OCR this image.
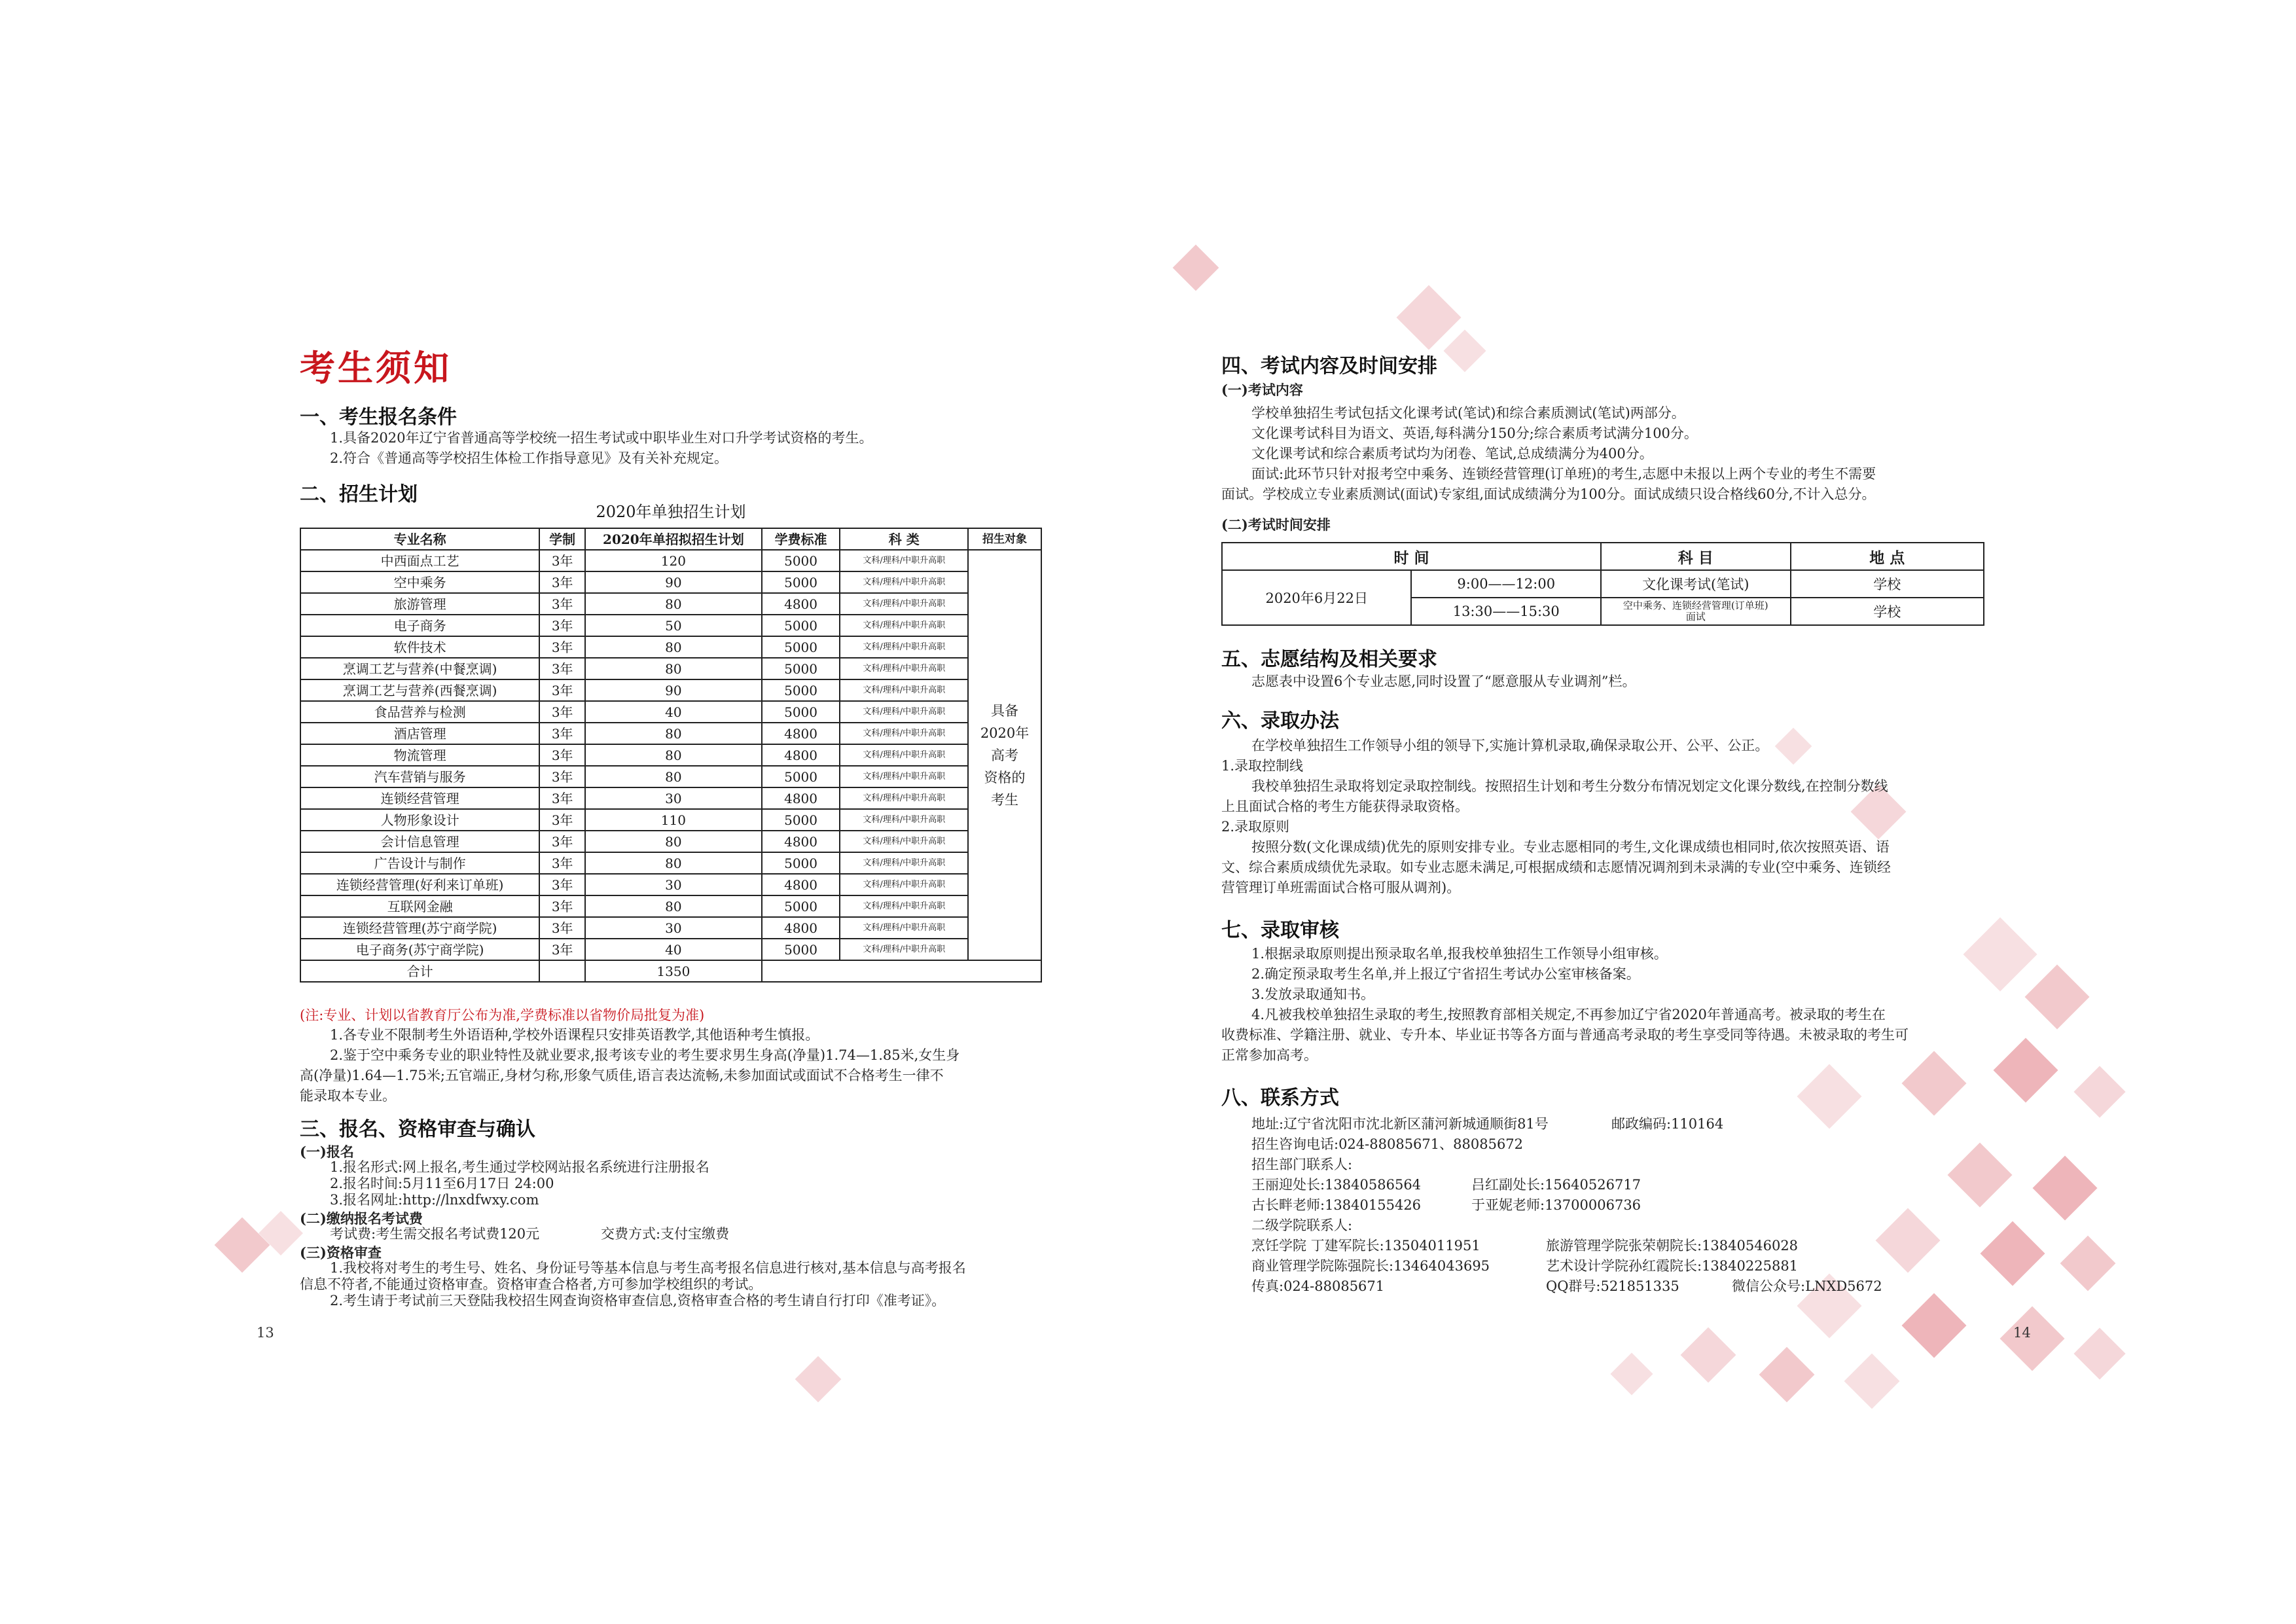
考生须知
一、考生报名条件
1.具备2020年辽宁省普通高等学校统一招生考试或中职毕业生对口升学考试资格的考生。
2.符合《普通高等学校招生体检工作指导意见》及有关补充规定。
二、招生计划
2020年单独招生计划
专业名称	学制	2020年单招拟招生计划	学费标准	科 类	招生对象
中西面点工艺	3年	120	5000	文科/理科/中职升高职	具备
2020年
高考
资格的
考生

空中乘务	3年	90	5000	文科/理科/中职升高职	
旅游管理	3年	80	4800	文科/理科/中职升高职	
电子商务	3年	50	5000	文科/理科/中职升高职	
软件技术	3年	80	5000	文科/理科/中职升高职	
烹调工艺与营养(中餐烹调)	3年	80	5000	文科/理科/中职升高职	
烹调工艺与营养(西餐烹调)	3年	90	5000	文科/理科/中职升高职	
食品营养与检测	3年	40	5000	文科/理科/中职升高职	
酒店管理	3年	80	4800	文科/理科/中职升高职	
物流管理	3年	80	4800	文科/理科/中职升高职	
汽车营销与服务	3年	80	5000	文科/理科/中职升高职	
连锁经营管理	3年	30	4800	文科/理科/中职升高职	
人物形象设计	3年	110	5000	文科/理科/中职升高职	
会计信息管理	3年	80	4800	文科/理科/中职升高职	
广告设计与制作	3年	80	5000	文科/理科/中职升高职	
连锁经营管理(好利来订单班)	3年	30	4800	文科/理科/中职升高职	
互联网金融	3年	80	5000	文科/理科/中职升高职	
连锁经营管理(苏宁商学院)	3年	30	4800	文科/理科/中职升高职	
电子商务(苏宁商学院)	3年	40	5000	文科/理科/中职升高职	
合计		1350			
(注:专业、计划以省教育厅公布为准,学费标准以省物价局批复为准)
1.各专业不限制考生外语语种,学校外语课程只安排英语教学,其他语种考生慎报。
2.鉴于空中乘务专业的职业特性及就业要求,报考该专业的考生要求男生身高(净量)1.74—1.85米,女生身
高(净量)1.64—1.75米;五官端正,身材匀称,形象气质佳,语言表达流畅,未参加面试或面试不合格考生一律不
能录取本专业。
三、报名、资格审查与确认
(一)报名
1.报名形式:网上报名,考生通过学校网站报名系统进行注册报名
2.报名时间:5月11至6月17日 24:00
3.报名网址:http://lnxdfwxy.com
(二)缴纳报名考试费
考试费:考生需交报名考试费120元	交费方式:支付宝缴费
(三)资格审查
1.我校将对考生的考生号、姓名、身份证号等基本信息与考生高考报名信息进行核对,基本信息与高考报名
信息不符者,不能通过资格审查。资格审查合格者,方可参加学校组织的考试。
2.考生请于考试前三天登陆我校招生网查询资格审查信息,资格审查合格的考生请自行打印《准考证》。
13
四、考试内容及时间安排
(一)考试内容
学校单独招生考试包括文化课考试(笔试)和综合素质测试(笔试)两部分。
文化课考试科目为语文、英语,每科满分150分;综合素质考试满分100分。
文化课考试和综合素质考试均为闭卷、笔试,总成绩满分为400分。
面试:此环节只针对报考空中乘务、连锁经营管理(订单班)的考生,志愿中未报以上两个专业的考生不需要
面试。学校成立专业素质测试(面试)专家组,面试成绩满分为100分。面试成绩只设合格线60分,不计入总分。
(二)考试时间安排
14
时 间		科 目	地 点
2020年6月22日	9:00——12:00	文化课考试(笔试)	学校
	13:30——15:30	空中乘务、连锁经营管理(订单班)面试	学校
五、志愿结构及相关要求
志愿表中设置6个专业志愿,同时设置了“愿意服从专业调剂”栏。
六、录取办法
在学校单独招生工作领导小组的领导下,实施计算机录取,确保录取公开、公平、公正。
1.录取控制线
我校单独招生录取将划定录取控制线。按照招生计划和考生分数分布情况划定文化课分数线,在控制分数线
上且面试合格的考生方能获得录取资格。
2.录取原则
按照分数(文化课成绩)优先的原则安排专业。专业志愿相同的考生,文化课成绩也相同时,依次按照英语、语
文、综合素质成绩优先录取。如专业志愿未满足,可根据成绩和志愿情况调剂到未录满的专业(空中乘务、连锁经
营管理订单班需面试合格可服从调剂)。
七、录取审核
1.根据录取原则提出预录取名单,报我校单独招生工作领导小组审核。
2.确定预录取考生名单,并上报辽宁省招生考试办公室审核备案。
3.发放录取通知书。
4.凡被我校单独招生录取的考生,按照教育部相关规定,不再参加辽宁省2020年普通高考。被录取的考生在
收费标准、学籍注册、就业、专升本、毕业证书等各方面与普通高考录取的考生享受同等待遇。未被录取的考生可
正常参加高考。
八、联系方式
地址:辽宁省沈阳市沈北新区蒲河新城通顺街81号	邮政编码:110164
招生咨询电话:024-88085671、88085672
招生部门联系人:
王丽迎处长:13840586564	吕红副处长:15640526717
古长畔老师:13840155426	于亚妮老师:13700006736
二级学院联系人:
烹饪学院 丁建军院长:13504011951	旅游管理学院张荣朝院长:13840546028
商业管理学院陈强院长:13464043695	艺术设计学院孙红霞院长:13840225881
传真:024-88085671	QQ群号:521851335	微信公众号:LNXD5672
